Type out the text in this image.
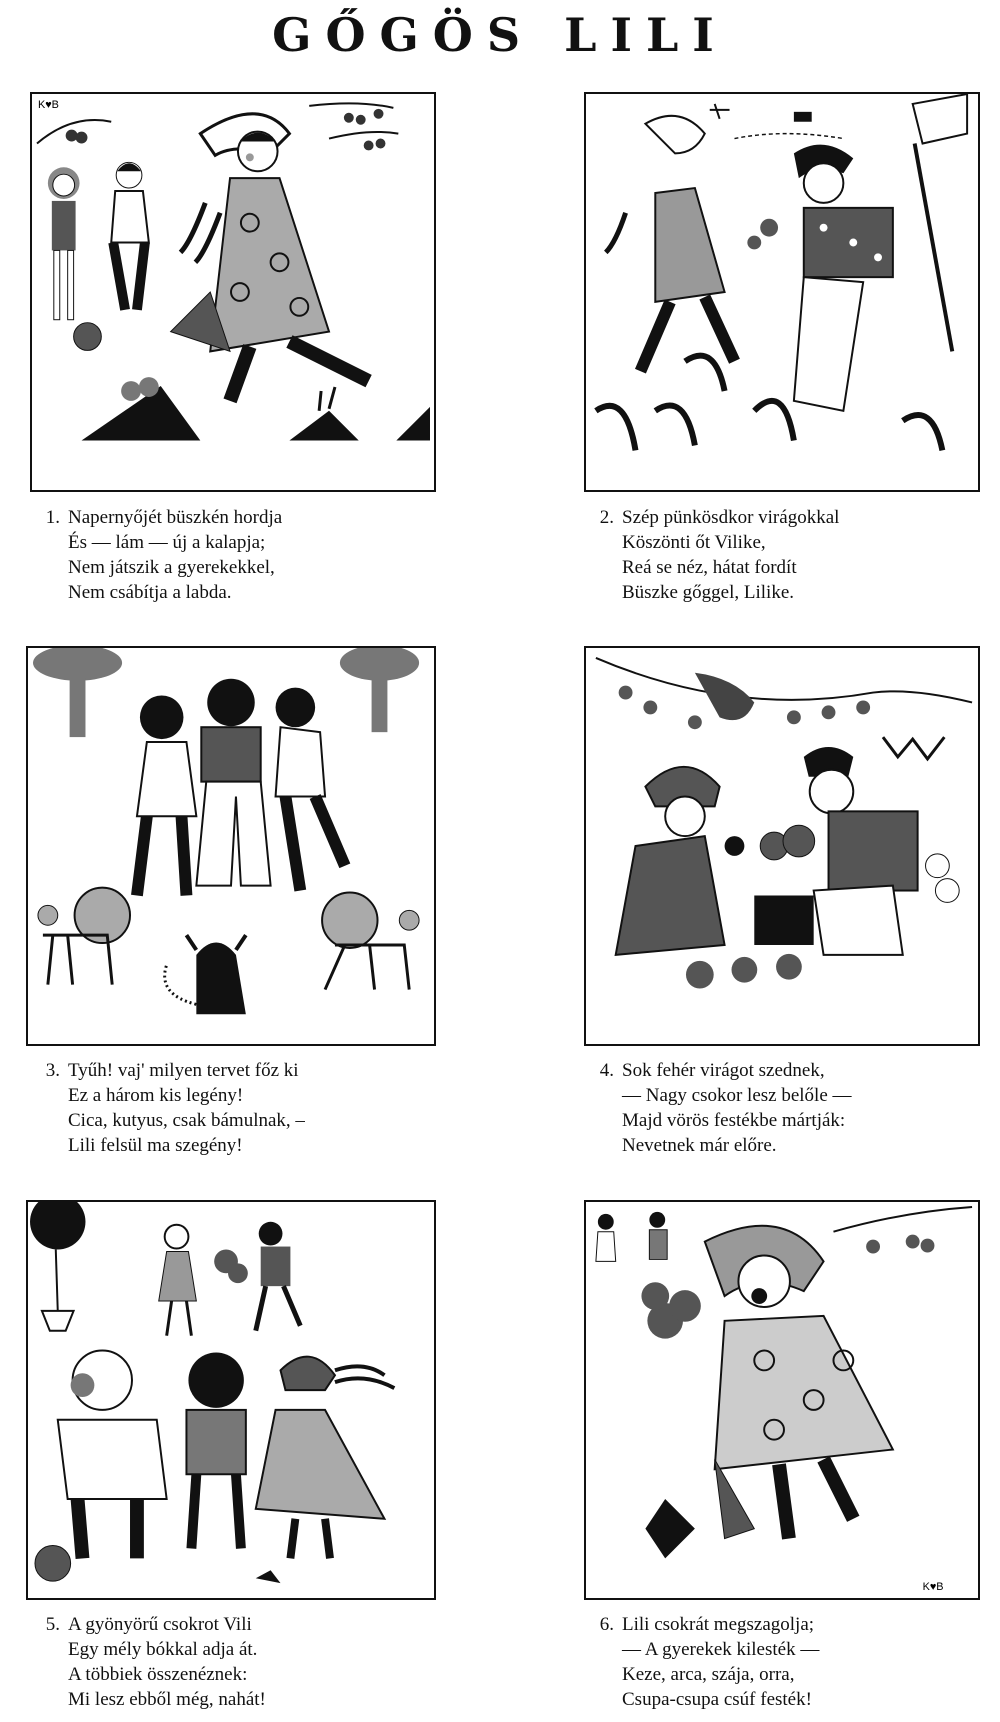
GŐGÖS LILI
K♥B
1. Napernyőjét büszkén hordja
És — lám — új a kalapja;
Nem játszik a gyerekekkel,
Nem csábítja a labda.
2. Szép pünkösdkor virágokkal
Köszönti őt Vilike,
Reá se néz, hátat fordít
Büszke gőggel, Lilike.
3. Tyűh! vaj' milyen tervet főz ki
Ez a három kis legény!
Cica, kutyus, csak bámulnak, –
Lili felsül ma szegény!
4. Sok fehér virágot szednek,
— Nagy csokor lesz belőle —
Majd vörös festékbe mártják:
Nevetnek már előre.
5. A gyönyörű csokrot Vili
Egy mély bókkal adja át.
A többiek összenéznek:
Mi lesz ebből még, nahát!
K♥B
6. Lili csokrát megszagolja;
— A gyerekek kilesték —
Keze, arca, szája, orra,
Csupa-csupa csúf festék!
